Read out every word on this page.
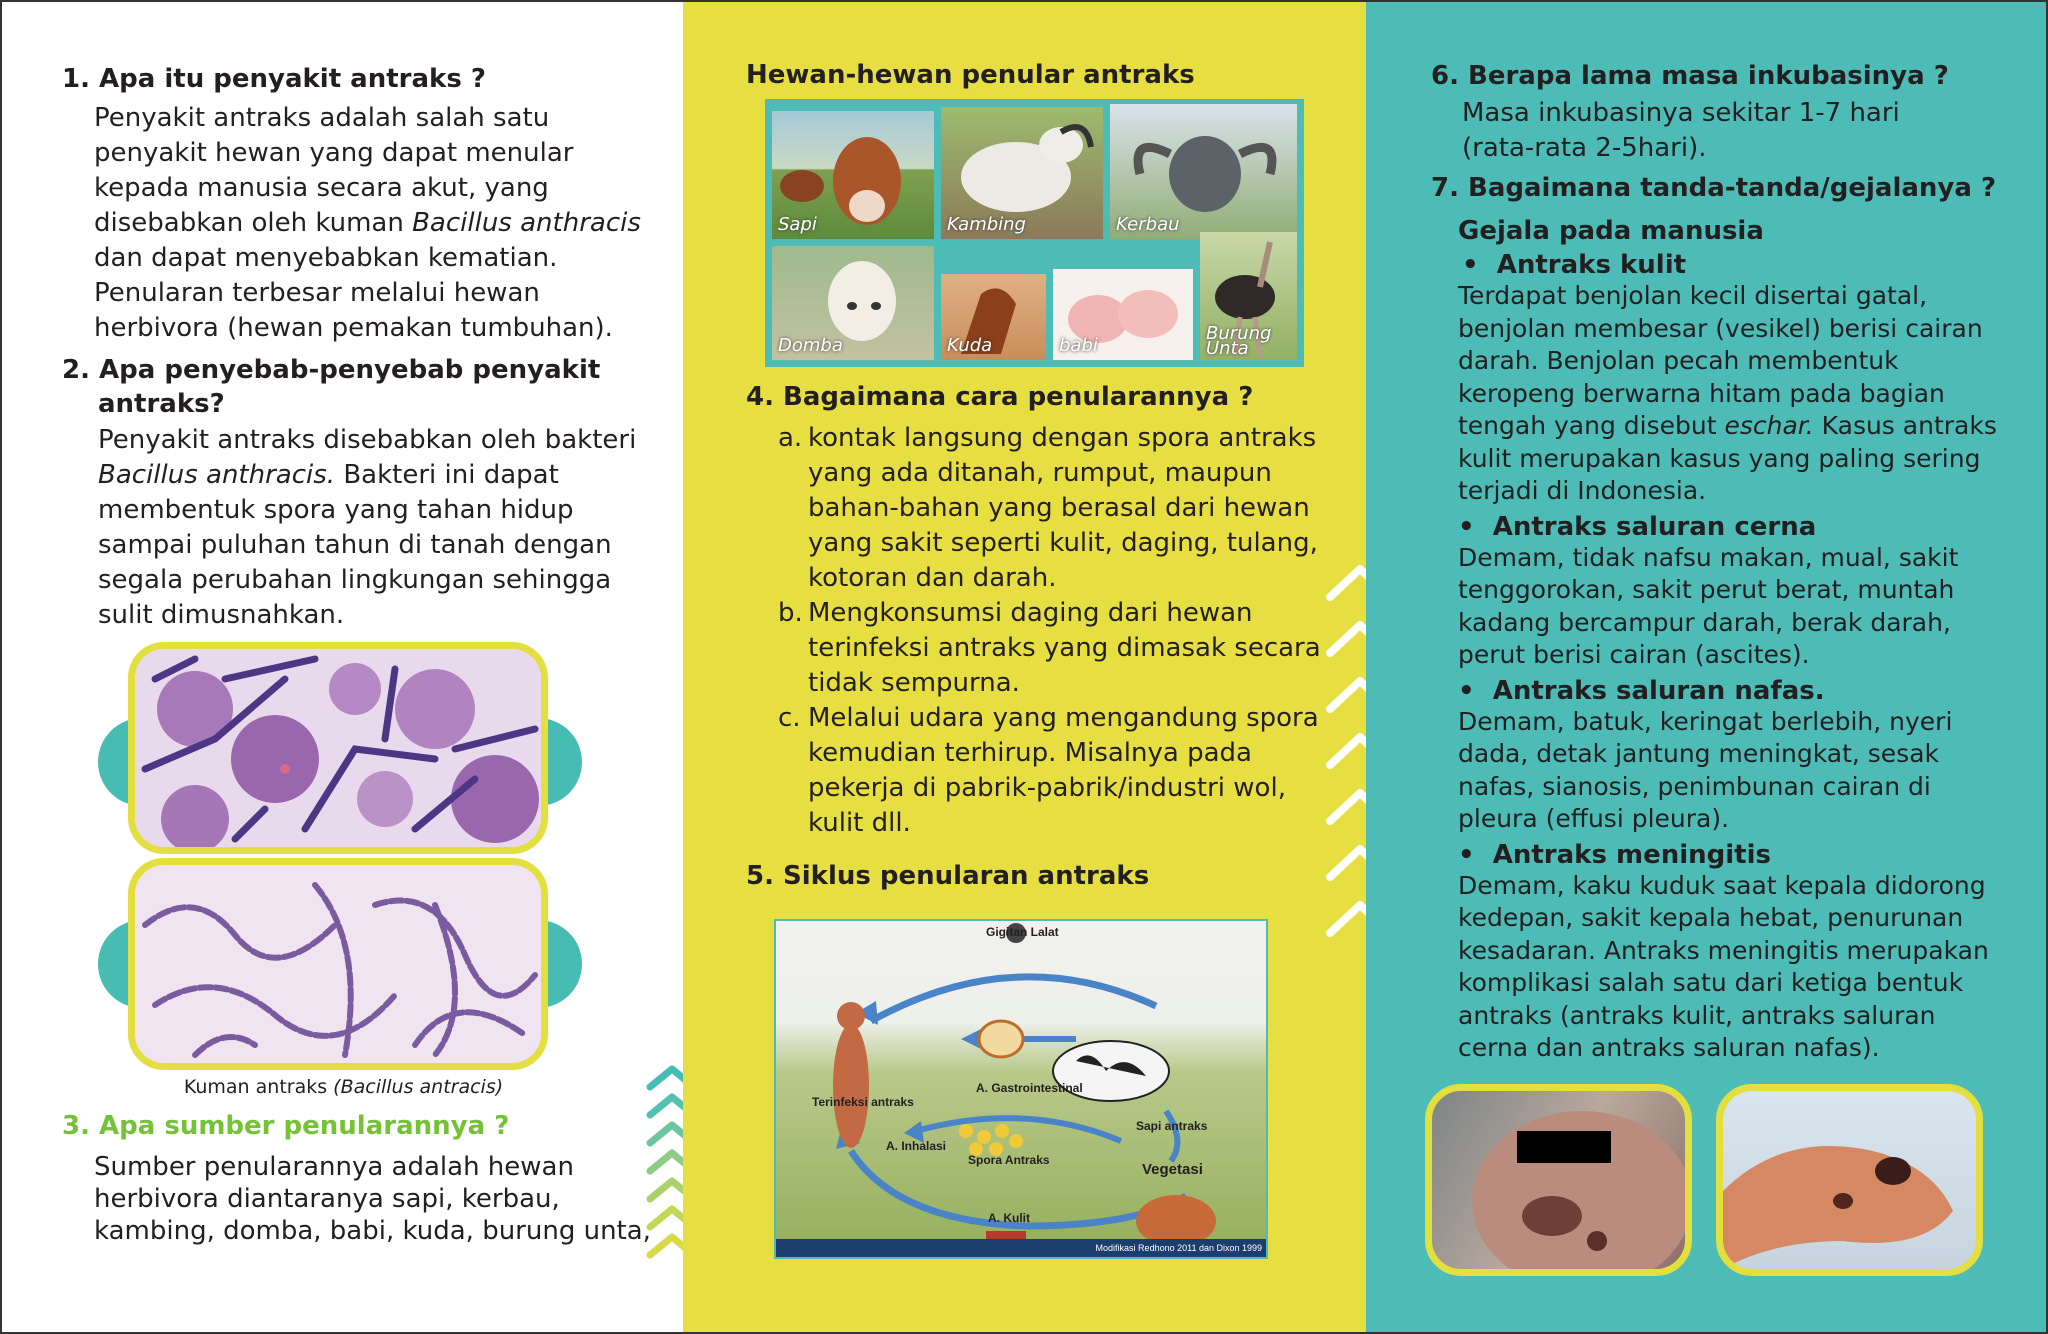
1. Apa itu penyakit antraks ?
Penyakit antraks adalah salah satu
penyakit hewan yang dapat menular
kepada manusia secara akut, yang
disebabkan oleh kuman Bacillus anthracis
dan dapat menyebabkan kematian.
Penularan terbesar melalui hewan
herbivora (hewan pemakan tumbuhan).
2. Apa penyebab-penyebab penyakit
antraks?
Penyakit antraks disebabkan oleh bakteri
Bacillus anthracis. Bakteri ini dapat
membentuk spora yang tahan hidup
sampai puluhan tahun di tanah dengan
segala perubahan lingkungan sehingga
sulit dimusnahkan.
Kuman antraks (Bacillus antracis)
3. Apa sumber penularannya ?
Sumber penularannya adalah hewan
herbivora diantaranya sapi, kerbau,
kambing, domba, babi, kuda, burung unta,
Hewan-hewan penular antraks
Sapi	Kambing	Kerbau
Domba	Kuda	babi
Burung
Unta
4. Bagaimana cara penularannya ?
a. kontak langsung dengan spora antraks
yang ada ditanah, rumput, maupun
bahan-bahan yang berasal dari hewan
yang sakit seperti kulit, daging, tulang,
kotoran dan darah.
b. Mengkonsumsi daging dari hewan
terinfeksi antraks yang dimasak secara
tidak sempurna.
c. Melalui udara yang mengandung spora
kemudian terhirup. Misalnya pada
pekerja di pabrik-pabrik/industri wol,
kulit dll.
5. Siklus penularan antraks
Gigitan Lalat
Terinfeksi antraks
A. Gastrointestinal
A. Inhalasi
Spora Antraks
Sapi antraks
Vegetasi
A. Kulit
Modifikasi Redhono 2011 dan Dixon 1999
6. Berapa lama masa inkubasinya ?
Masa inkubasinya sekitar 1-7 hari
(rata-rata 2-5hari).
7. Bagaimana tanda-tanda/gejalanya ?
Gejala pada manusia
• Antraks kulit
Terdapat benjolan kecil disertai gatal,
benjolan membesar (vesikel) berisi cairan
darah. Benjolan pecah membentuk
keropeng berwarna hitam pada bagian
tengah yang disebut eschar. Kasus antraks
kulit merupakan kasus yang paling sering
terjadi di Indonesia.
• Antraks saluran cerna
Demam, tidak nafsu makan, mual, sakit
tenggorokan, sakit perut berat, muntah
kadang bercampur darah, berak darah,
perut berisi cairan (ascites).
• Antraks saluran nafas.
Demam, batuk, keringat berlebih, nyeri
dada, detak jantung meningkat, sesak
nafas, sianosis, penimbunan cairan di
pleura (effusi pleura).
• Antraks meningitis
Demam, kaku kuduk saat kepala didorong
kedepan, sakit kepala hebat, penurunan
kesadaran. Antraks meningitis merupakan
komplikasi salah satu dari ketiga bentuk
antraks (antraks kulit, antraks saluran
cerna dan antraks saluran nafas).
